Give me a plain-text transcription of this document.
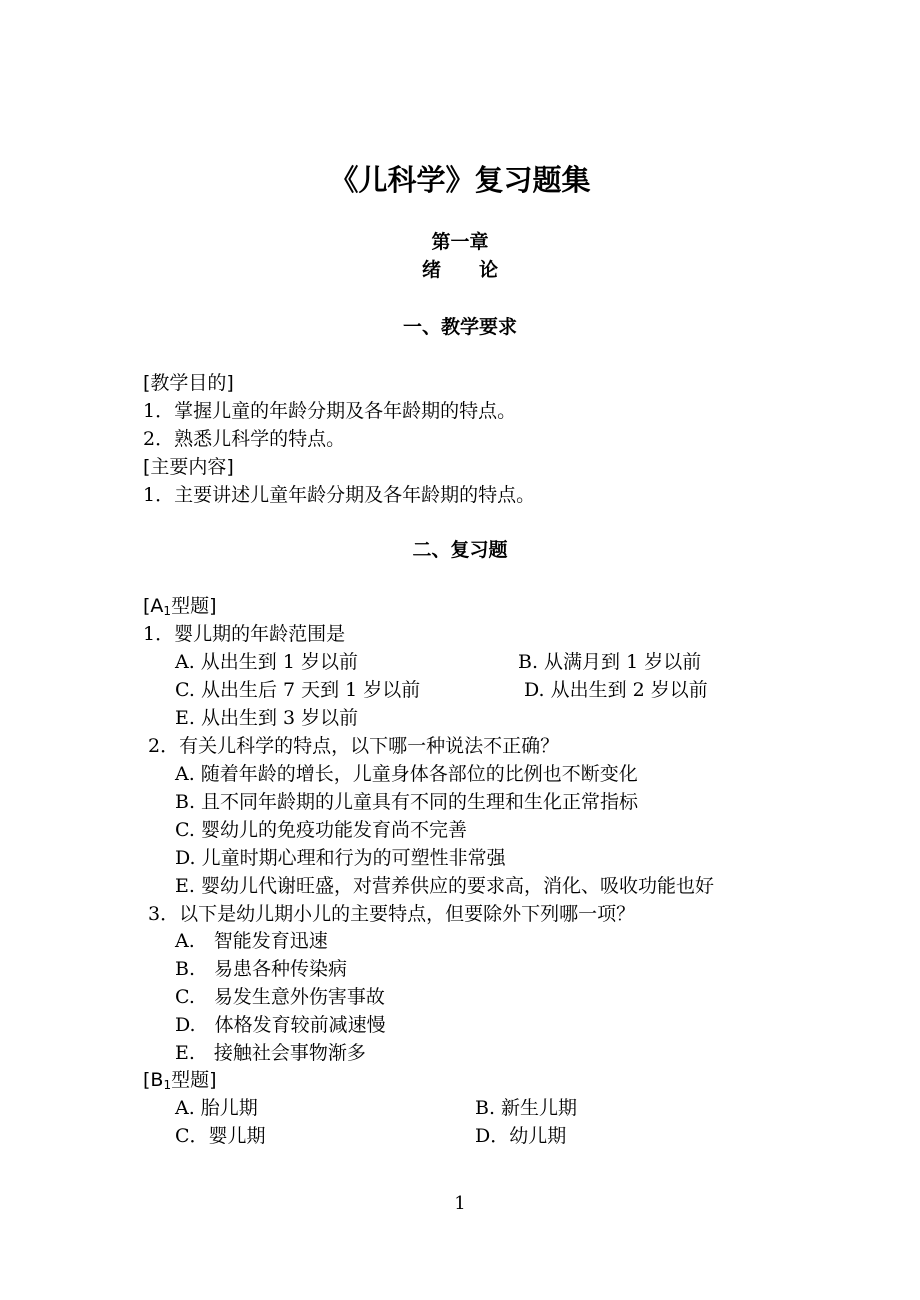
《儿科学》复习题集
第一章
绪　　论
一、教学要求
[教学目的]
1．掌握儿童的年龄分期及各年龄期的特点。
2．熟悉儿科学的特点。
[主要内容]
1．主要讲述儿童年龄分期及各年龄期的特点。
二、复习题
[$A_1$型题]
1．婴儿期的年龄范围是
A. 从出生到 1 岁以前	B. 从满月到 1 岁以前
C. 从出生后 7 天到 1 岁以前	D. 从出生到 2 岁以前
E. 从出生到 3 岁以前
2．有关儿科学的特点，以下哪一种说法不正确？
A. 随着年龄的增长，儿童身体各部位的比例也不断变化
B. 且不同年龄期的儿童具有不同的生理和生化正常指标
C. 婴幼儿的免疫功能发育尚不完善
D. 儿童时期心理和行为的可塑性非常强
E. 婴幼儿代谢旺盛，对营养供应的要求高，消化、吸收功能也好
3．以下是幼儿期小儿的主要特点，但要除外下列哪一项？
A.　智能发育迅速
B.　易患各种传染病
C.　易发生意外伤害事故
D.　体格发育较前减速慢
E.　接触社会事物渐多
[$B_1$型题]
A. 胎儿期	B. 新生儿期
C．婴儿期	D．幼儿期
1
